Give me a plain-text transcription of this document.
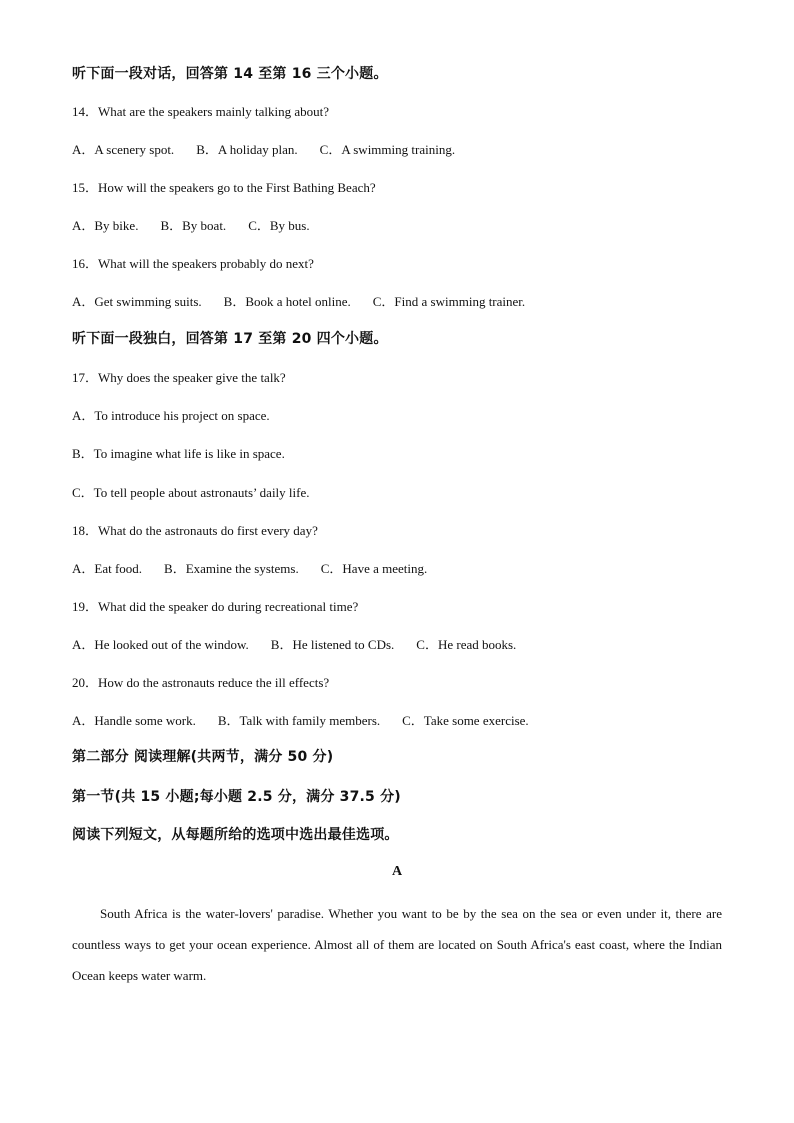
听下面一段对话，回答第 14 至第 16 三个小题。
14．What are the speakers mainly talking about?
A．A scenery spot. B．A holiday plan. C．A swimming training.
15．How will the speakers go to the First Bathing Beach?
A．By bike. B．By boat. C．By bus.
16．What will the speakers probably do next?
A．Get swimming suits. B．Book a hotel online. C．Find a swimming trainer.
听下面一段独白，回答第 17 至第 20 四个小题。
17．Why does the speaker give the talk?
A．To introduce his project on space.
B．To imagine what life is like in space.
C．To tell people about astronauts’ daily life.
18．What do the astronauts do first every day?
A．Eat food. B．Examine the systems. C．Have a meeting.
19．What did the speaker do during recreational time?
A．He looked out of the window. B．He listened to CDs. C．He read books.
20．How do the astronauts reduce the ill effects?
A．Handle some work. B．Talk with family members. C．Take some exercise.
第二部分 阅读理解(共两节，满分 50 分)
第一节(共 15 小题;每小题 2.5 分，满分 37.5 分)
阅读下列短文，从每题所给的选项中选出最佳选项。
A

South Africa is the water-lovers' paradise. Whether you want to be by the sea on the sea or even under it, there are countless ways to get your ocean experience. Almost all of them are located on South Africa's east coast, where the Indian Ocean keeps water warm.
